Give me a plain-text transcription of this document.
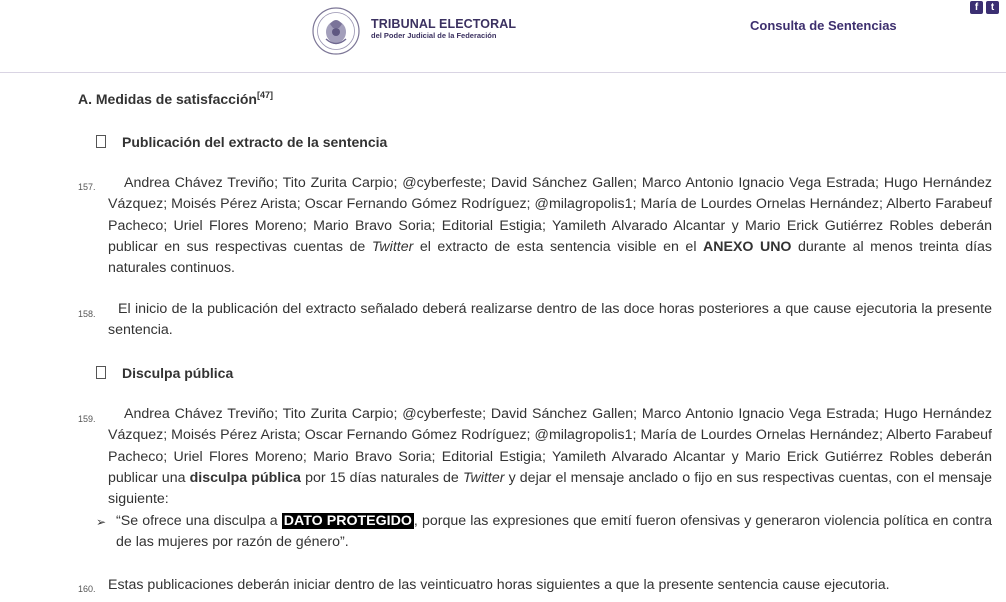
TRIBUNAL ELECTORAL
del Poder Judicial de la Federación
Consulta de Sentencias
f	t
A. Medidas de satisfacción[47]
Publicación del extracto de la sentencia
157.	Andrea Chávez Treviño; Tito Zurita Carpio; @cyberfeste; David Sánchez Gallen; Marco Antonio Ignacio Vega Estrada; Hugo Hernández Vázquez; Moisés Pérez Arista; Oscar Fernando Gómez Rodríguez; @milagropolis1; María de Lourdes Ornelas Hernández; Alberto Farabeuf Pacheco; Uriel Flores Moreno; Mario Bravo Soria; Editorial Estigia; Yamileth Alvarado Alcantar y Mario Erick Gutiérrez Robles deberán publicar en sus respectivas cuentas de Twitter el extracto de esta sentencia visible en el ANEXO UNO durante al menos treinta días naturales continuos.
158.	El inicio de la publicación del extracto señalado deberá realizarse dentro de las doce horas posteriores a que cause ejecutoria la presente sentencia.
Disculpa pública
159.	Andrea Chávez Treviño; Tito Zurita Carpio; @cyberfeste; David Sánchez Gallen; Marco Antonio Ignacio Vega Estrada; Hugo Hernández Vázquez; Moisés Pérez Arista; Oscar Fernando Gómez Rodríguez; @milagropolis1; María de Lourdes Ornelas Hernández; Alberto Farabeuf Pacheco; Uriel Flores Moreno; Mario Bravo Soria; Editorial Estigia; Yamileth Alvarado Alcantar y Mario Erick Gutiérrez Robles deberán publicar una disculpa pública por 15 días naturales de Twitter y dejar el mensaje anclado o fijo en sus respectivas cuentas, con el mensaje siguiente:
➢ “Se ofrece una disculpa a DATO PROTEGIDO , porque las expresiones que emití fueron ofensivas y generaron violencia política en contra de las mujeres por razón de género”.
160. Estas publicaciones deberán iniciar dentro de las veinticuatro horas siguientes a que la presente sentencia cause ejecutoria.
